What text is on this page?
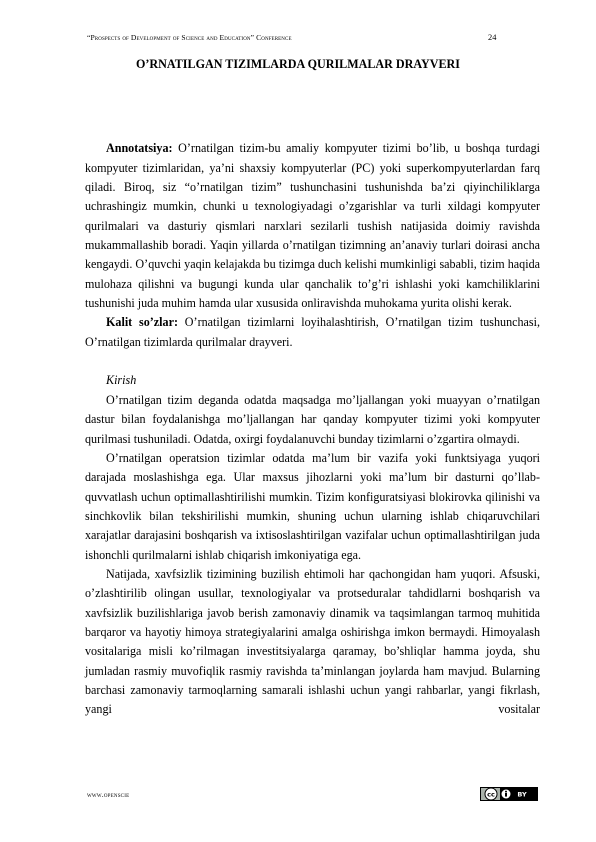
“Prospects of Development of Science and Education” Conference	24
O’RNATILGAN TIZIMLARDA QURILMALAR DRAYVERI

Annotatsiya: O’rnatilgan tizim-bu amaliy kompyuter tizimi bo’lib, u boshqa turdagi kompyuter tizimlaridan, ya’ni shaxsiy kompyuterlar (PC) yoki superkompyuterlardan farq qiladi. Biroq, siz “o’rnatilgan tizim” tushunchasini tushunishda ba’zi qiyinchiliklarga uchrashingiz mumkin, chunki u texnologiyadagi o’zgarishlar va turli xildagi kompyuter qurilmalari va dasturiy qismlari narxlari sezilarli tushish natijasida doimiy ravishda mukammallashib boradi. Yaqin yillarda o’rnatilgan tizimning an’anaviy turlari doirasi ancha kengaydi. O’quvchi yaqin kelajakda bu tizimga duch kelishi mumkinligi sababli, tizim haqida mulohaza qilishni va bugungi kunda ular qanchalik to’g’ri ishlashi yoki kamchiliklarini tushunishi juda muhim hamda ular xususida onliravishda muhokama yurita olishi kerak.

Kalit so’zlar: O’rnatilgan tizimlarni loyihalashtirish, O’rnatilgan tizim tushunchasi, O’rnatilgan tizimlarda qurilmalar drayveri.

Kirish

O’rnatilgan tizim deganda odatda maqsadga mo’ljallangan yoki muayyan o’rnatilgan dastur bilan foydalanishga mo’ljallangan har qanday kompyuter tizimi yoki kompyuter qurilmasi tushuniladi. Odatda, oxirgi foydalanuvchi bunday tizimlarni o’zgartira olmaydi.

O’rnatilgan operatsion tizimlar odatda ma’lum bir vazifa yoki funktsiyaga yuqori darajada moslashishga ega. Ular maxsus jihozlarni yoki ma’lum bir dasturni qo’llab-quvvatlash uchun optimallashtirilishi mumkin. Tizim konfiguratsiyasi blokirovka qilinishi va sinchkovlik bilan tekshirilishi mumkin, shuning uchun ularning ishlab chiqaruvchilari xarajatlar darajasini boshqarish va ixtisoslashtirilgan vazifalar uchun optimallashtirilgan juda ishonchli qurilmalarni ishlab chiqarish imkoniyatiga ega.

Natijada, xavfsizlik tizimining buzilish ehtimoli har qachongidan ham yuqori. Afsuski, o’zlashtirilib olingan usullar, texnologiyalar va protseduralar tahdidlarni boshqarish va xavfsizlik buzilishlariga javob berish zamonaviy dinamik va taqsimlangan tarmoq muhitida barqaror va hayotiy himoya strategiyalarini amalga oshirishga imkon bermaydi. Himoyalash vositalariga misli ko’rilmagan investitsiyalarga qaramay, bo’shliqlar hamma joyda, shu jumladan rasmiy muvofiqlik rasmiy ravishda ta’minlangan joylarda ham mavjud. Bularning barchasi zamonaviy tarmoqlarning samarali ishlashi uchun yangi rahbarlar, yangi fikrlash, yangi vositalar

www.openscie	cc	BY
